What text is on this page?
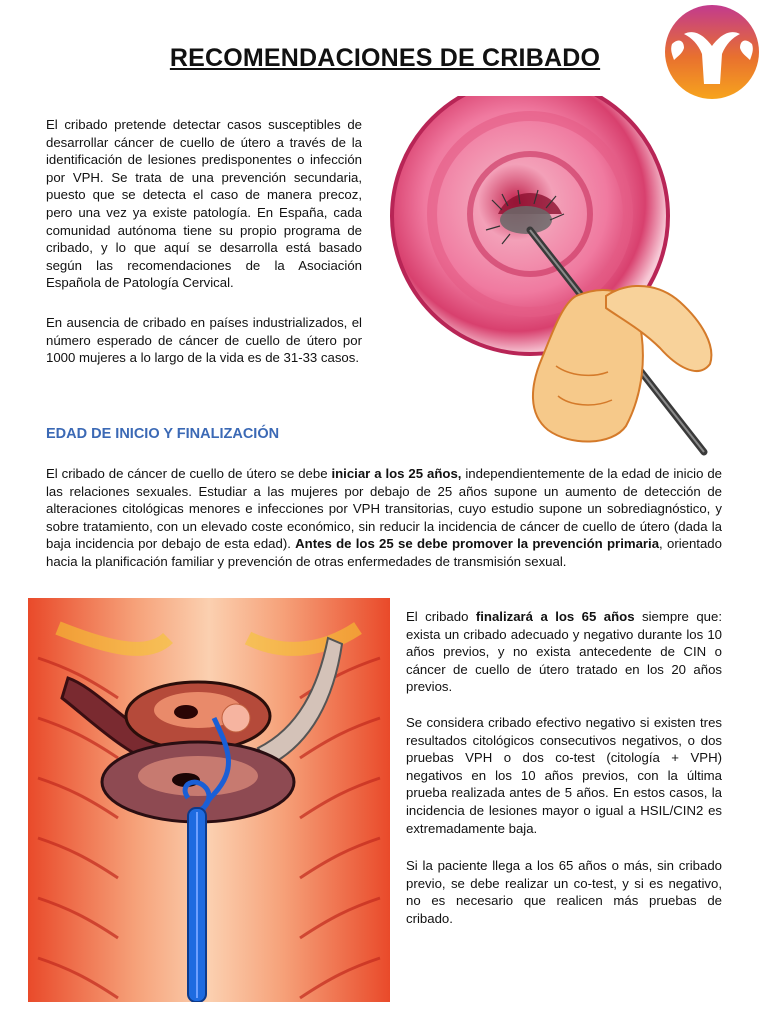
RECOMENDACIONES DE CRIBADO

El cribado pretende detectar casos susceptibles de desarrollar cáncer de cuello de útero a través de la identificación de lesiones predisponentes o infección por VPH. Se trata de una prevención secundaria, puesto que se detecta el caso de manera precoz, pero una vez ya existe patología. En España, cada comunidad autónoma tiene su propio programa de cribado, y lo que aquí se desarrolla está basado según las recomendaciones de la Asociación Española de Patología Cervical.

En ausencia de cribado en países industrializados, el número esperado de cáncer de cuello de útero por 1000 mujeres a lo largo de la vida es de 31-33 casos.

EDAD DE INICIO Y FINALIZACIÓN

El cribado de cáncer de cuello de útero se debe iniciar a los 25 años, independientemente de la edad de inicio de las relaciones sexuales. Estudiar a las mujeres por debajo de 25 años supone un aumento de detección de alteraciones citológicas menores e infecciones por VPH transitorias, cuyo estudio supone un sobrediagnóstico, y sobre tratamiento, con un elevado coste económico, sin reducir la incidencia de cáncer de cuello de útero (dada la baja incidencia por debajo de esta edad). Antes de los 25 se debe promover la prevención primaria, orientado hacia la planificación familiar y prevención de otras enfermedades de transmisión sexual.

El cribado finalizará a los 65 años siempre que: exista un cribado adecuado y negativo durante los 10 años previos, y no exista antecedente de CIN o cáncer de cuello de útero tratado en los 20 años previos.

Se considera cribado efectivo negativo si existen tres resultados citológicos consecutivos negativos, o dos pruebas VPH o dos co-test (citología + VPH) negativos en los 10 años previos, con la última prueba realizada antes de 5 años. En estos casos, la incidencia de lesiones mayor o igual a HSIL/CIN2 es extremadamente baja.

Si la paciente llega a los 65 años o más, sin cribado previo, se debe realizar un co-test, y si es negativo, no es necesario que realicen más pruebas de cribado.
